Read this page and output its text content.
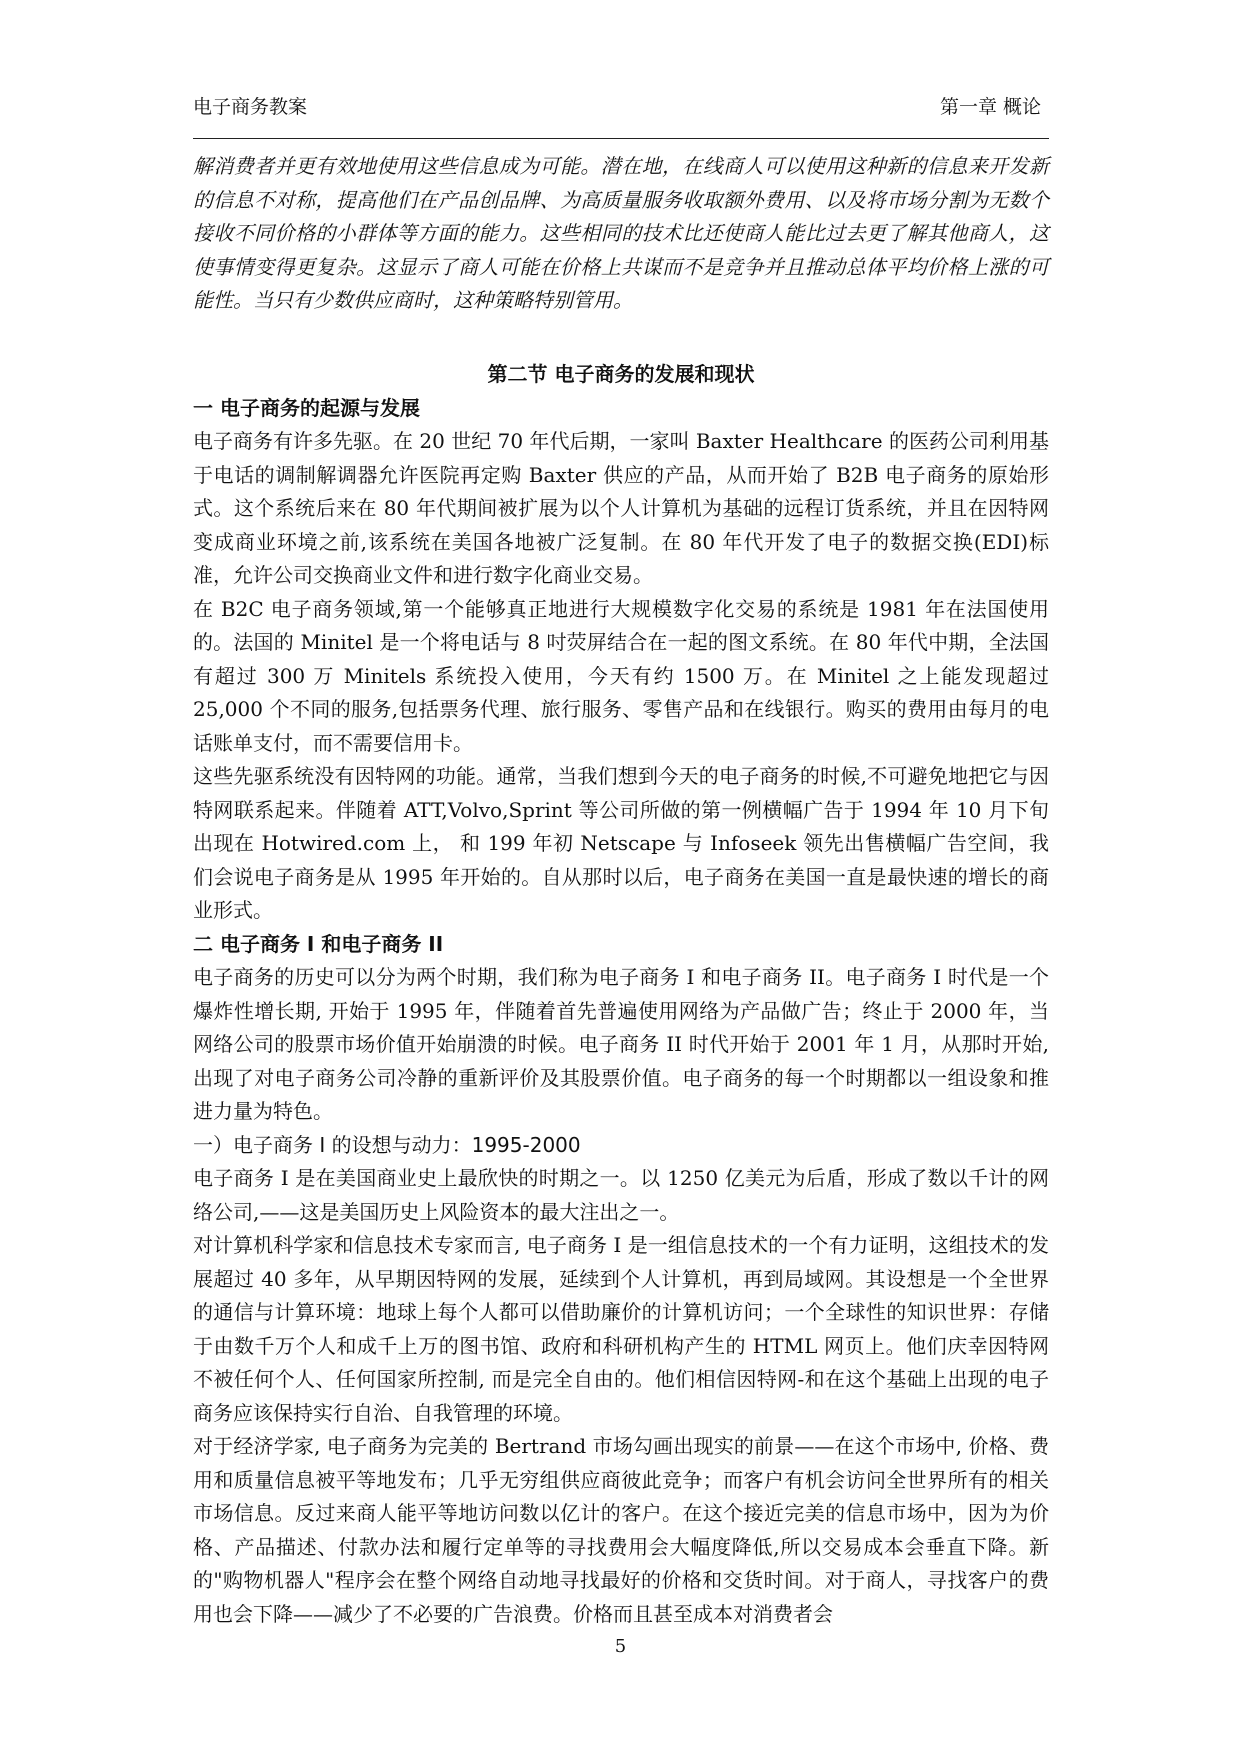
电子商务教案	第一章 概论

解消费者并更有效地使用这些信息成为可能。潜在地，在线商人可以使用这种新的信息来开发新的信息不对称，提高他们在产品创品牌、为高质量服务收取额外费用、以及将市场分割为无数个接收不同价格的小群体等方面的能力。这些相同的技术比还使商人能比过去更了解其他商人，这使事情变得更复杂。这显示了商人可能在价格上共谋而不是竞争并且推动总体平均价格上涨的可能性。当只有少数供应商时，这种策略特别管用。

第二节 电子商务的发展和现状
一 电子商务的起源与发展

电子商务有许多先驱。在 20 世纪 70 年代后期，一家叫 Baxter Healthcare 的医药公司利用基于电话的调制解调器允许医院再定购 Baxter 供应的产品，从而开始了 B2B 电子商务的原始形式。这个系统后来在 80 年代期间被扩展为以个人计算机为基础的远程订货系统，并且在因特网变成商业环境之前,该系统在美国各地被广泛复制。在 80 年代开发了电子的数据交换(EDI)标准，允许公司交换商业文件和进行数字化商业交易。

在 B2C 电子商务领域,第一个能够真正地进行大规模数字化交易的系统是 1981 年在法国使用的。法国的 Minitel 是一个将电话与 8 吋荧屏结合在一起的图文系统。在 80 年代中期，全法国有超过 300 万 Minitels 系统投入使用，今天有约 1500 万。在 Minitel 之上能发现超过 25,000 个不同的服务,包括票务代理、旅行服务、零售产品和在线银行。购买的费用由每月的电话账单支付，而不需要信用卡。

这些先驱系统没有因特网的功能。通常，当我们想到今天的电子商务的时候,不可避免地把它与因特网联系起来。伴随着 ATT,Volvo,Sprint 等公司所做的第一例横幅广告于 1994 年 10 月下旬出现在 Hotwired.com 上， 和 199 年初 Netscape 与 Infoseek 领先出售横幅广告空间，我们会说电子商务是从 1995 年开始的。自从那时以后，电子商务在美国一直是最快速的增长的商业形式。

二 电子商务 I 和电子商务 II

电子商务的历史可以分为两个时期，我们称为电子商务 I 和电子商务 II。电子商务 I 时代是一个爆炸性增长期, 开始于 1995 年，伴随着首先普遍使用网络为产品做广告；终止于 2000 年，当网络公司的股票市场价值开始崩溃的时候。电子商务 II 时代开始于 2001 年 1 月，从那时开始, 出现了对电子商务公司冷静的重新评价及其股票价值。电子商务的每一个时期都以一组设象和推进力量为特色。

一）电子商务 I 的设想与动力：1995-2000

电子商务 I 是在美国商业史上最欣快的时期之一。以 1250 亿美元为后盾，形成了数以千计的网络公司,——这是美国历史上风险资本的最大注出之一。

对计算机科学家和信息技术专家而言, 电子商务 I 是一组信息技术的一个有力证明，这组技术的发展超过 40 多年，从早期因特网的发展，延续到个人计算机，再到局域网。其设想是一个全世界的通信与计算环境：地球上每个人都可以借助廉价的计算机访问；一个全球性的知识世界：存储于由数千万个人和成千上万的图书馆、政府和科研机构产生的 HTML 网页上。他们庆幸因特网不被任何个人、任何国家所控制, 而是完全自由的。他们相信因特网-和在这个基础上出现的电子商务应该保持实行自治、自我管理的环境。

对于经济学家, 电子商务为完美的 Bertrand 市场勾画出现实的前景——在这个市场中, 价格、费用和质量信息被平等地发布；几乎无穷组供应商彼此竞争；而客户有机会访问全世界所有的相关市场信息。反过来商人能平等地访问数以亿计的客户。在这个接近完美的信息市场中，因为为价格、产品描述、付款办法和履行定单等的寻找费用会大幅度降低,所以交易成本会垂直下降。新的"购物机器人"程序会在整个网络自动地寻找最好的价格和交货时间。对于商人，寻找客户的费用也会下降——减少了不必要的广告浪费。价格而且甚至成本对消费者会

5
